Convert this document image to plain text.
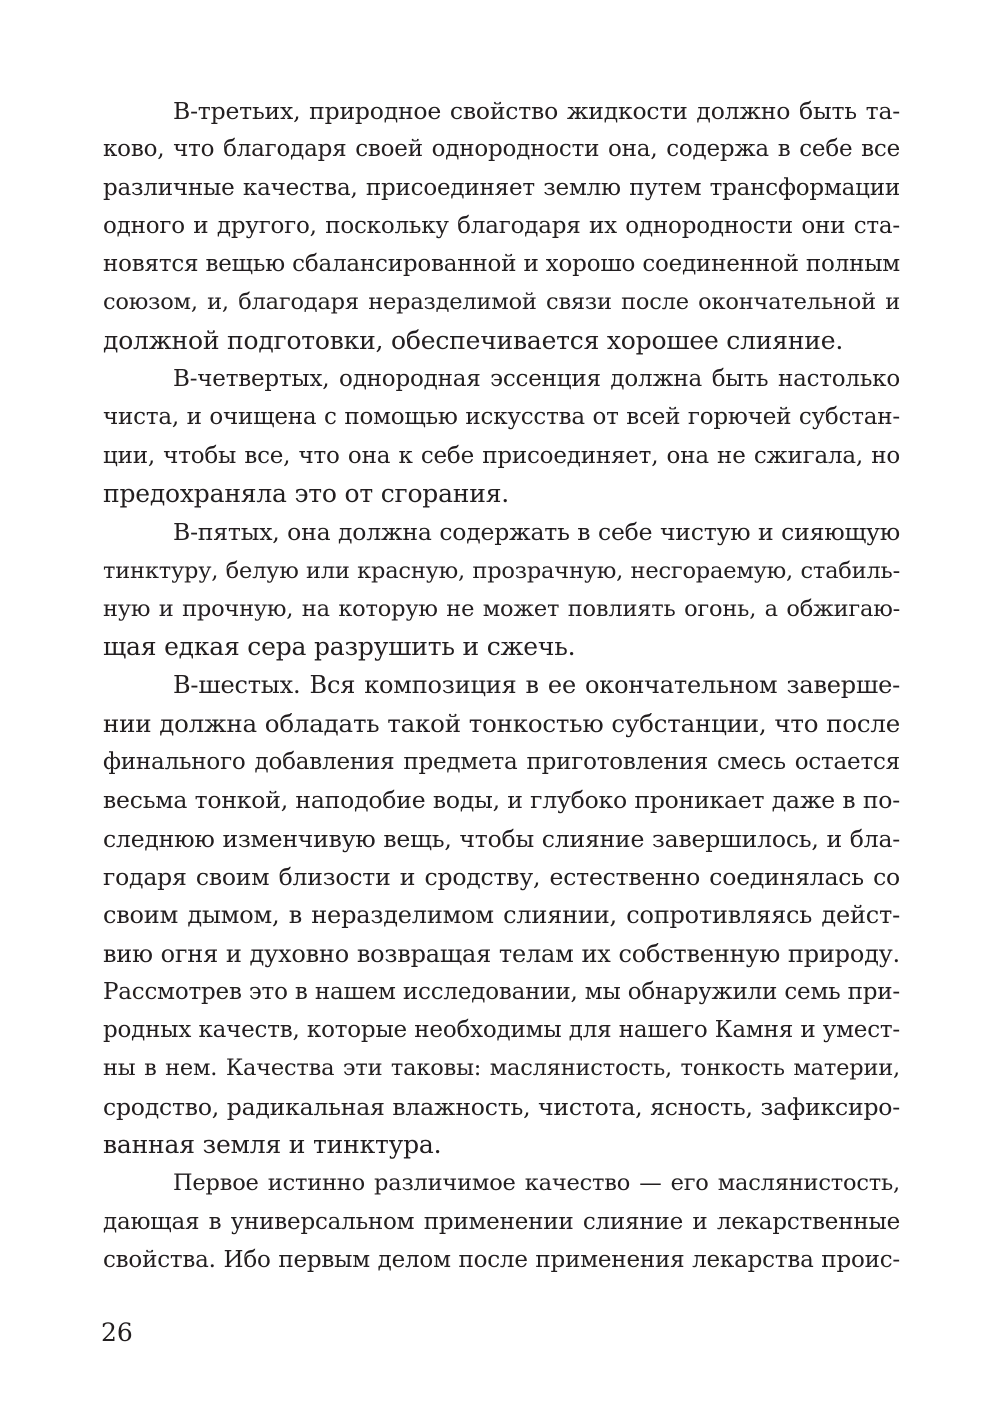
В-третьих, природное свойство жидкости должно быть та-
ково, что благодаря своей однородности она, содержа в себе все
различные качества, присоединяет землю путем трансформации
одного и другого, поскольку благодаря их однородности они ста-
новятся вещью сбалансированной и хорошо соединенной полным
союзом, и, благодаря неразделимой связи после окончательной и
должной подготовки, обеспечивается хорошее слияние.
В-четвертых, однородная эссенция должна быть настолько
чиста, и очищена с помощью искусства от всей горючей субстан-
ции, чтобы все, что она к себе присоединяет, она не сжигала, но
предохраняла это от сгорания.
В-пятых, она должна содержать в себе чистую и сияющую
тинктуру, белую или красную, прозрачную, несгораемую, стабиль-
ную и прочную, на которую не может повлиять огонь, а обжигаю-
щая едкая сера разрушить и сжечь.
В-шестых. Вся композиция в ее окончательном заверше-
нии должна обладать такой тонкостью субстанции, что после
финального добавления предмета приготовления смесь остается
весьма тонкой, наподобие воды, и глубоко проникает даже в по-
следнюю изменчивую вещь, чтобы слияние завершилось, и бла-
годаря своим близости и сродству, естественно соединялась со
своим дымом, в неразделимом слиянии, сопротивляясь дейст-
вию огня и духовно возвращая телам их собственную природу.
Рассмотрев это в нашем исследовании, мы обнаружили семь при-
родных качеств, которые необходимы для нашего Камня и умест-
ны в нем. Качества эти таковы: маслянистость, тонкость материи,
сродство, радикальная влажность, чистота, ясность, зафиксиро-
ванная земля и тинктура.
Первое истинно различимое качество — его маслянистость,
дающая в универсальном применении слияние и лекарственные
свойства. Ибо первым делом после применения лекарства проис-
26
